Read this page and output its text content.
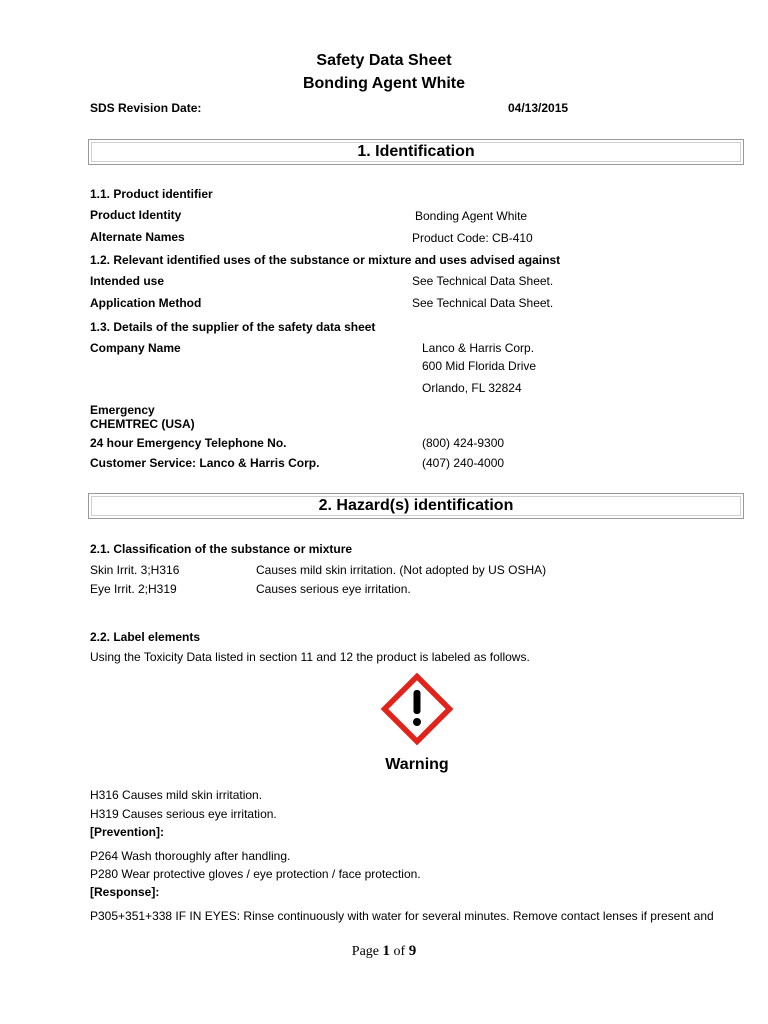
Safety Data Sheet
Bonding Agent White
SDS Revision Date:	04/13/2015
1. Identification
1.1. Product identifier
Product Identity	Bonding Agent White
Alternate Names	Product Code: CB-410
1.2. Relevant identified uses of the substance or mixture and uses advised against
Intended use	See Technical Data Sheet.
Application Method	See Technical Data Sheet.
1.3. Details of the supplier of the safety data sheet
Company Name	Lanco & Harris Corp.
600 Mid Florida Drive
Orlando, FL 32824
Emergency
CHEMTREC (USA)
24 hour Emergency Telephone No.	(800) 424-9300
Customer Service: Lanco & Harris Corp.	(407) 240-4000
2. Hazard(s) identification
2.1. Classification of the substance or mixture
Skin Irrit. 3;H316	Causes mild skin irritation. (Not adopted by US OSHA)
Eye Irrit. 2;H319	Causes serious eye irritation.
2.2. Label elements
Using the Toxicity Data listed in section 11 and 12 the product is labeled as follows.
Warning
H316 Causes mild skin irritation.
H319 Causes serious eye irritation.
[Prevention]:
P264 Wash thoroughly after handling.
P280 Wear protective gloves / eye protection / face protection.
[Response]:
P305+351+338 IF IN EYES: Rinse continuously with water for several minutes. Remove contact lenses if present and
Page 1 of 9
